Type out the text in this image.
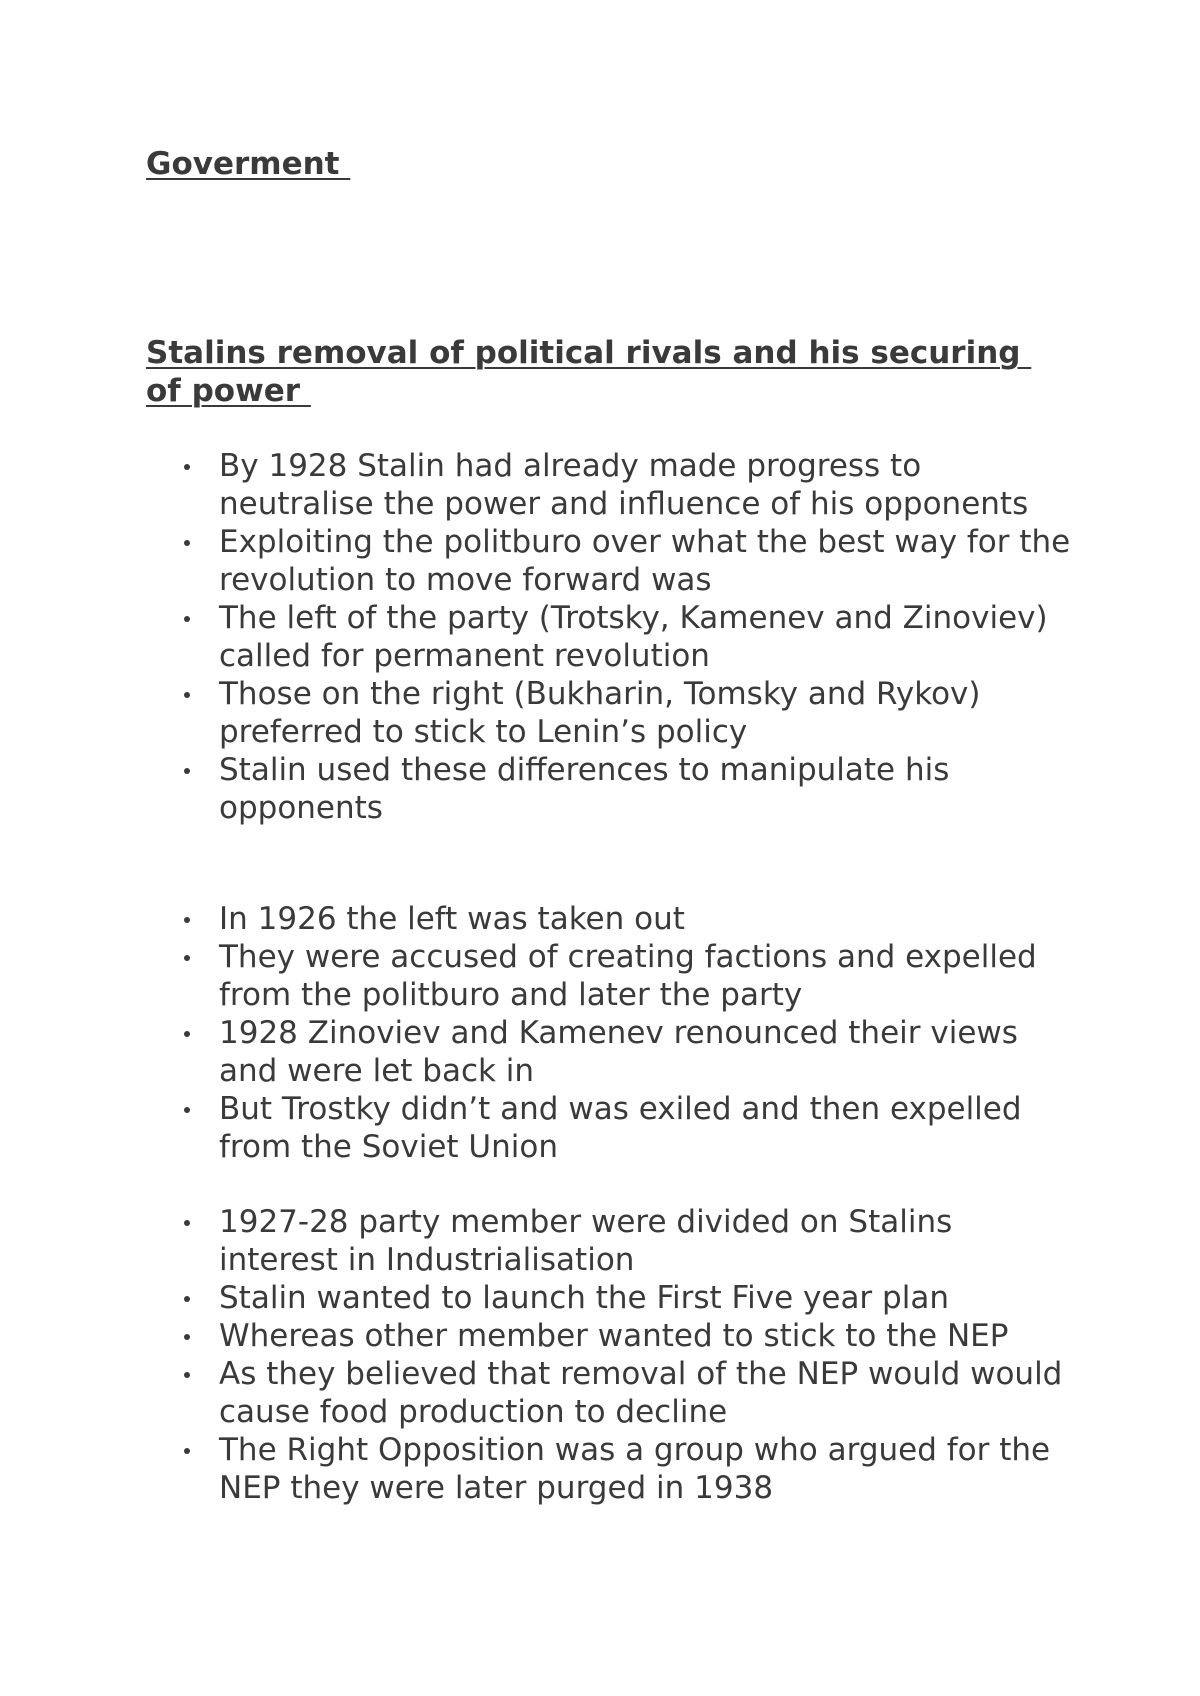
Goverment
Stalins removal of political rivals and his securing of power
By 1928 Stalin had already made progress to neutralise the power and influence of his opponents
Exploiting the politburo over what the best way for the revolution to move forward was
The left of the party (Trotsky, Kamenev and Zinoviev) called for permanent revolution
Those on the right (Bukharin, Tomsky and Rykov) preferred to stick to Lenin’s policy
Stalin used these differences to manipulate his opponents
In 1926 the left was taken out
They were accused of creating factions and expelled from the politburo and later the party
1928 Zinoviev and Kamenev renounced their views and were let back in
But Trostky didn’t and was exiled and then expelled from the Soviet Union
1927-28 party member were divided on Stalins interest in Industrialisation
Stalin wanted to launch the First Five year plan
Whereas other member wanted to stick to the NEP
As they believed that removal of the NEP would would cause food production to decline
The Right Opposition was a group who argued for the NEP they were later purged in 1938
